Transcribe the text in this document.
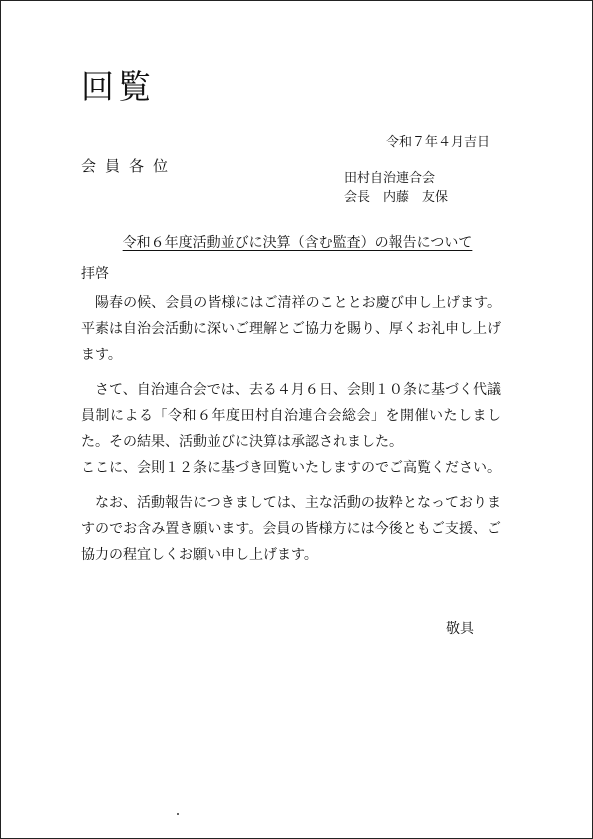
回覧
令和７年４月吉日
会員各位
田村自治連合会
会長　内藤　友保
令和６年度活動並びに決算（含む監査）の報告について
拝啓

陽春の候、会員の皆様にはご清祥のこととお慶び申し上げます。平素は自治会活動に深いご理解とご協力を賜り、厚くお礼申し上げます。

さて、自治連合会では、去る４月６日、会則１０条に基づく代議員制による「令和６年度田村自治連合会総会」を開催いたしました。その結果、活動並びに決算は承認されました。

ここに、会則１２条に基づき回覧いたしますのでご高覧ください。

なお、活動報告につきましては、主な活動の抜粋となっておりますのでお含み置き願います。会員の皆様方には今後ともご支援、ご協力の程宜しくお願い申し上げます。

敬具
